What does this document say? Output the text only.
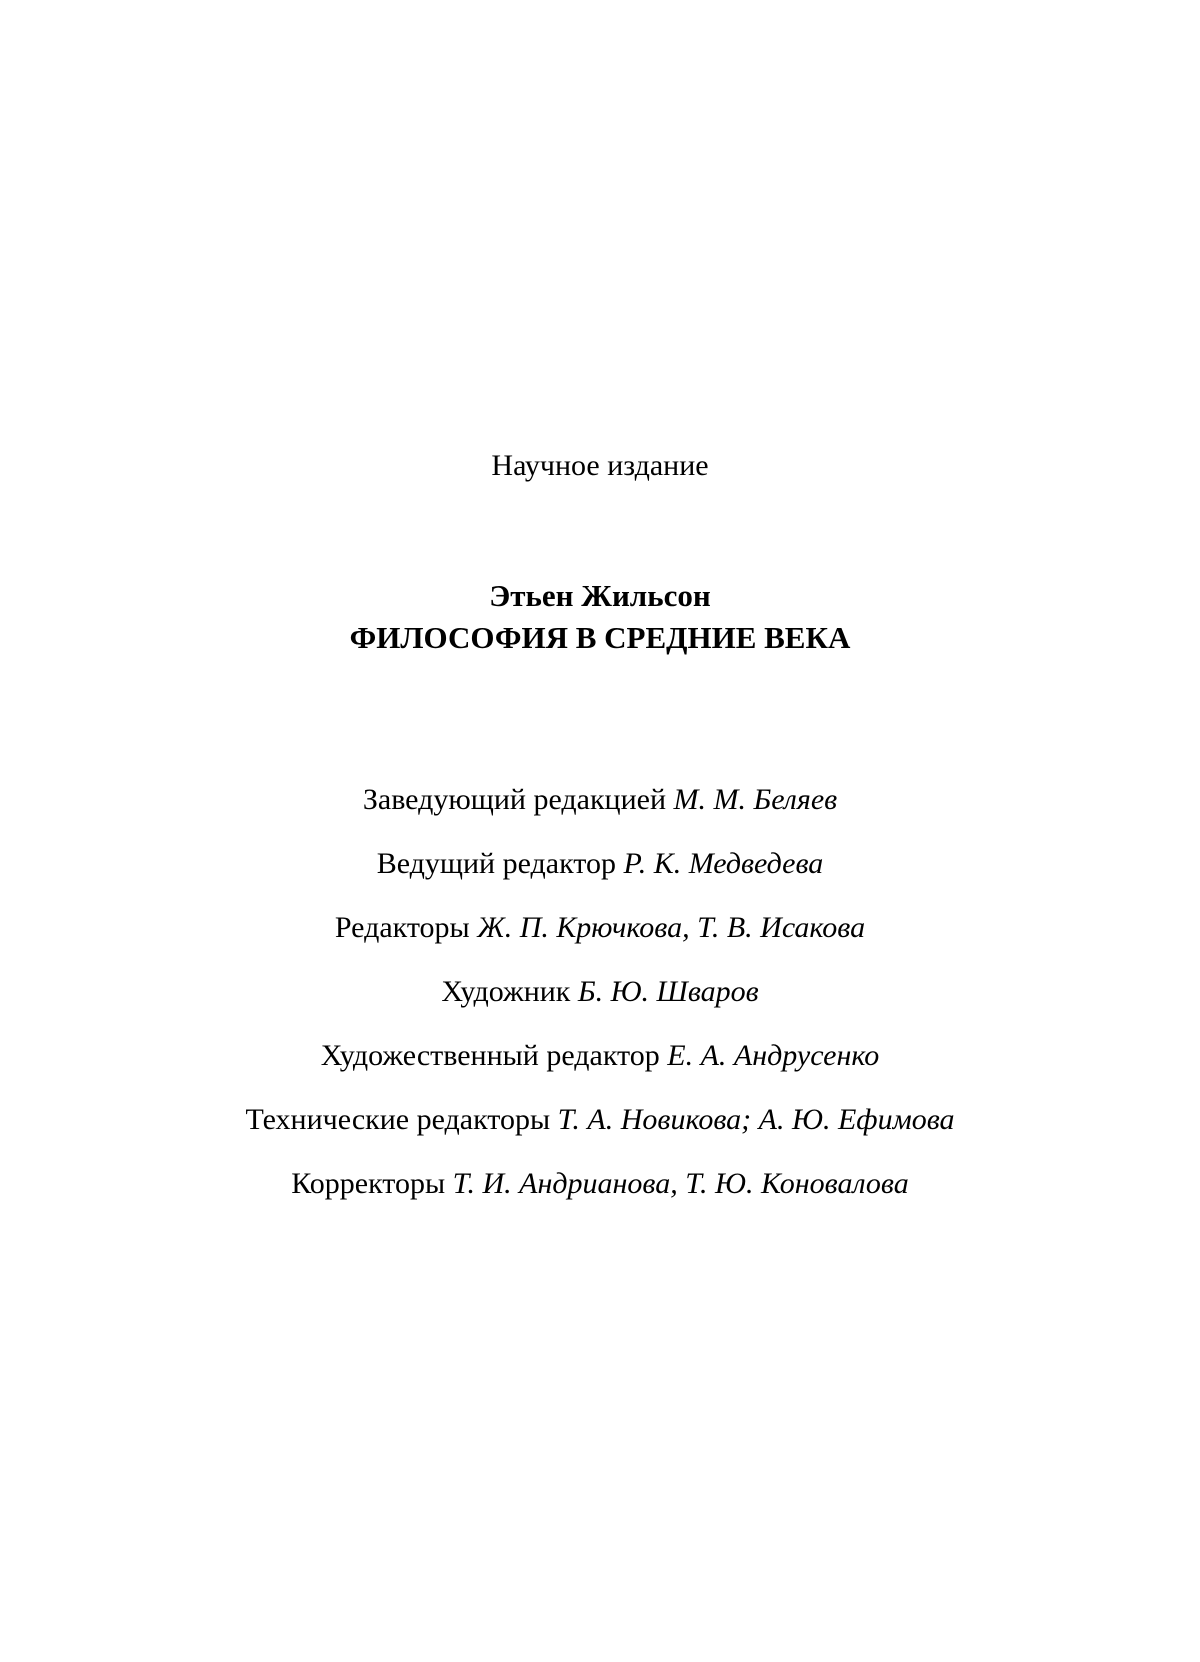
Научное издание
Этьен Жильсон
ФИЛОСОФИЯ В СРЕДНИЕ ВЕКА
Заведующий редакцией М. М. Беляев
Ведущий редактор Р. К. Медведева
Редакторы Ж. П. Крючкова, Т. В. Исакова
Художник Б. Ю. Шваров
Художественный редактор Е. А. Андрусенко
Технические редакторы Т. А. Новикова; А. Ю. Ефимова
Корректоры Т. И. Андрианова, Т. Ю. Коновалова
